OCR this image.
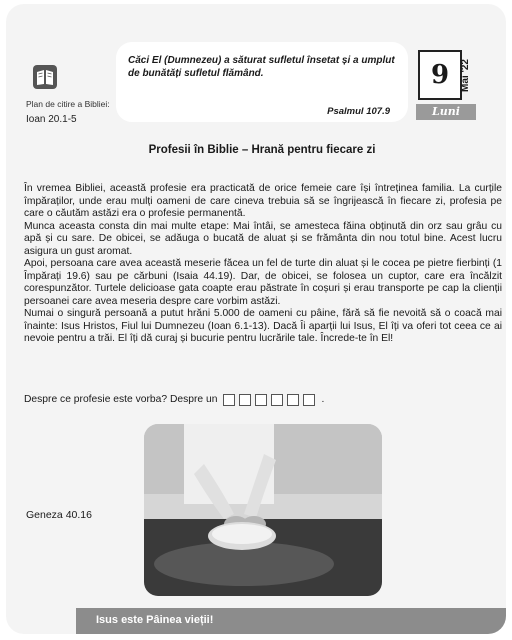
Plan de citire a Bibliei:
Ioan 20.1-5
Căci El (Dumnezeu) a săturat sufletul însetat și a umplut de bunătăți sufletul flămând.
Psalmul 107.9
9 Mai '22
Luni
Profesii în Biblie – Hrană pentru fiecare zi

În vremea Bibliei, această profesie era practicată de orice femeie care își întreținea familia. La curțile împăraților, unde erau mulți oameni de care cineva trebuia să se îngrijească în fiecare zi, profesia pe care o căutăm astăzi era o profesie permanentă.

Munca aceasta consta din mai multe etape: Mai întâi, se amesteca făina obținută din orz sau grâu cu apă și cu sare. De obicei, se adăuga o bucată de aluat și se frământa din nou totul bine. Acest lucru asigura un gust aromat.

Apoi, persoana care avea această meserie făcea un fel de turte din aluat și le cocea pe pietre fierbinți (1 Împărați 19.6) sau pe cărbuni (Isaia 44.19). Dar, de obicei, se folosea un cuptor, care era încălzit corespunzător. Turtele delicioase gata coapte erau păstrate în coșuri și erau transporte pe cap la clienții persoanei care avea meseria despre care vorbim astăzi.

Numai o singură persoană a putut hrăni 5.000 de oameni cu pâine, fără să fie nevoită să o coacă mai înainte: Isus Hristos, Fiul lui Dumnezeu (Ioan 6.1-13). Dacă Îi aparții lui Isus, El îți va oferi tot ceea ce ai nevoie pentru a trăi. El îți dă curaj și bucurie pentru lucrările tale. Încrede-te în El!

Despre ce profesie este vorba? Despre un	.
Geneza 40.16
Isus este Pâinea vieții!
